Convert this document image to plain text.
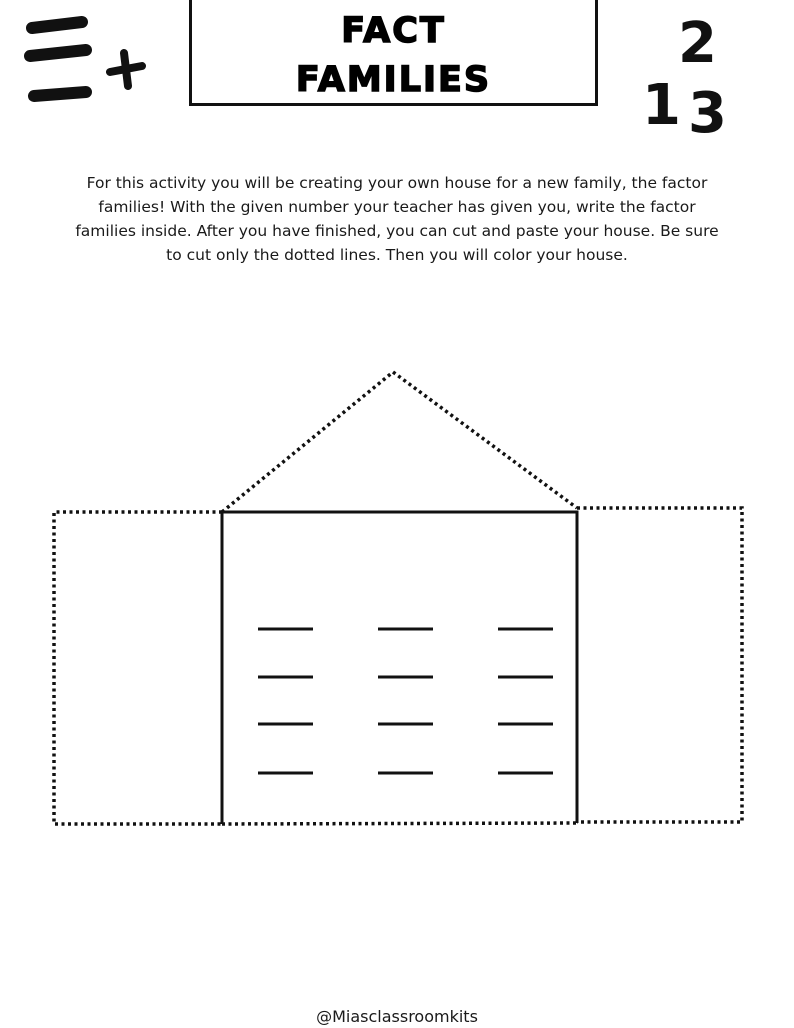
2
1 3
FACT
FAMILIES

For this activity you will be creating your own house for a new family, the factor families! With the given number your teacher has given you, write the factor families inside. After you have finished, you can cut and paste your house. Be sure to cut only the dotted lines. Then you will color your house.

@Miasclassroomkits
